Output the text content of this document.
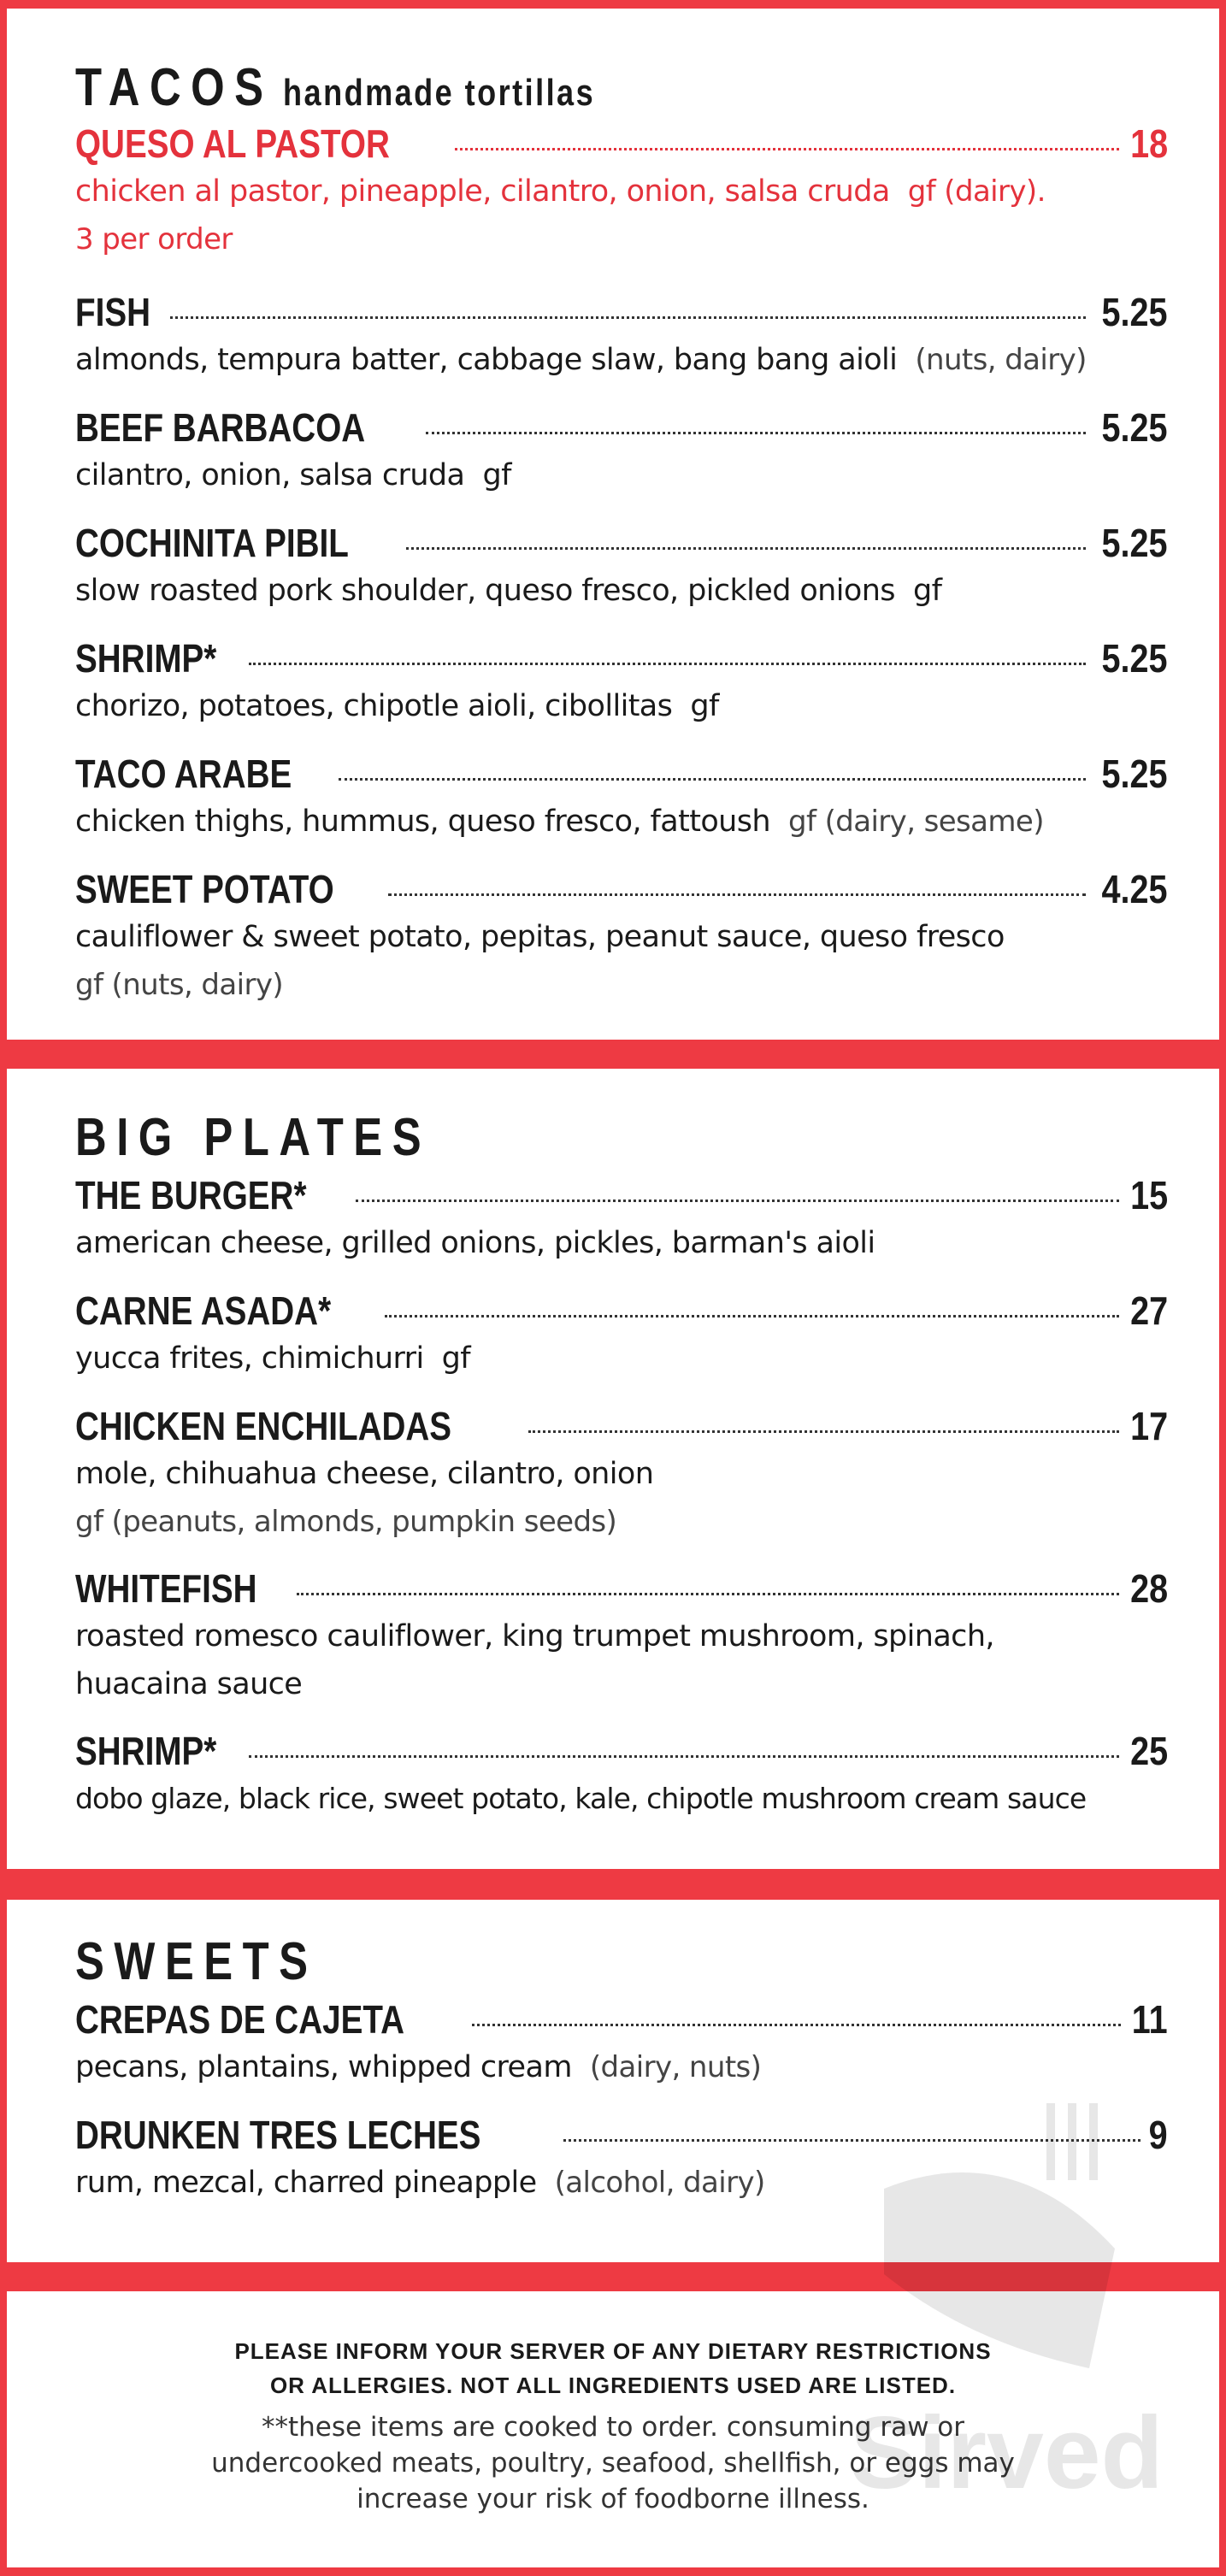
TACOS handmade tortillas
QUESO AL PASTOR	18
chicken al pastor, pineapple, cilantro, onion, salsa cruda gf (dairy).
3 per order
FISH	5.25
almonds, tempura batter, cabbage slaw, bang bang aioli (nuts, dairy)
BEEF BARBACOA	5.25
cilantro, onion, salsa cruda gf
COCHINITA PIBIL	5.25
slow roasted pork shoulder, queso fresco, pickled onions gf
SHRIMP*	5.25
chorizo, potatoes, chipotle aioli, cibollitas gf
TACO ARABE	5.25
chicken thighs, hummus, queso fresco, fattoush gf (dairy, sesame)
SWEET POTATO	4.25
cauliflower & sweet potato, pepitas, peanut sauce, queso fresco
gf (nuts, dairy)
BIG PLATES
THE BURGER*	15
american cheese, grilled onions, pickles, barman's aioli
CARNE ASADA*	27
yucca frites, chimichurri gf
CHICKEN ENCHILADAS	17
mole, chihuahua cheese, cilantro, onion
gf (peanuts, almonds, pumpkin seeds)
WHITEFISH	28
roasted romesco cauliflower, king trumpet mushroom, spinach,
huacaina sauce
SHRIMP*	25
dobo glaze, black rice, sweet potato, kale, chipotle mushroom cream sauce
SWEETS
CREPAS DE CAJETA	11
pecans, plantains, whipped cream (dairy, nuts)
DRUNKEN TRES LECHES	9
rum, mezcal, charred pineapple (alcohol, dairy)
PLEASE INFORM YOUR SERVER OF ANY DIETARY RESTRICTIONS
OR ALLERGIES. NOT ALL INGREDIENTS USED ARE LISTED.
**these items are cooked to order. consuming raw or
undercooked meats, poultry, seafood, shellfish, or eggs may
increase your risk of foodborne illness.
Sirved
